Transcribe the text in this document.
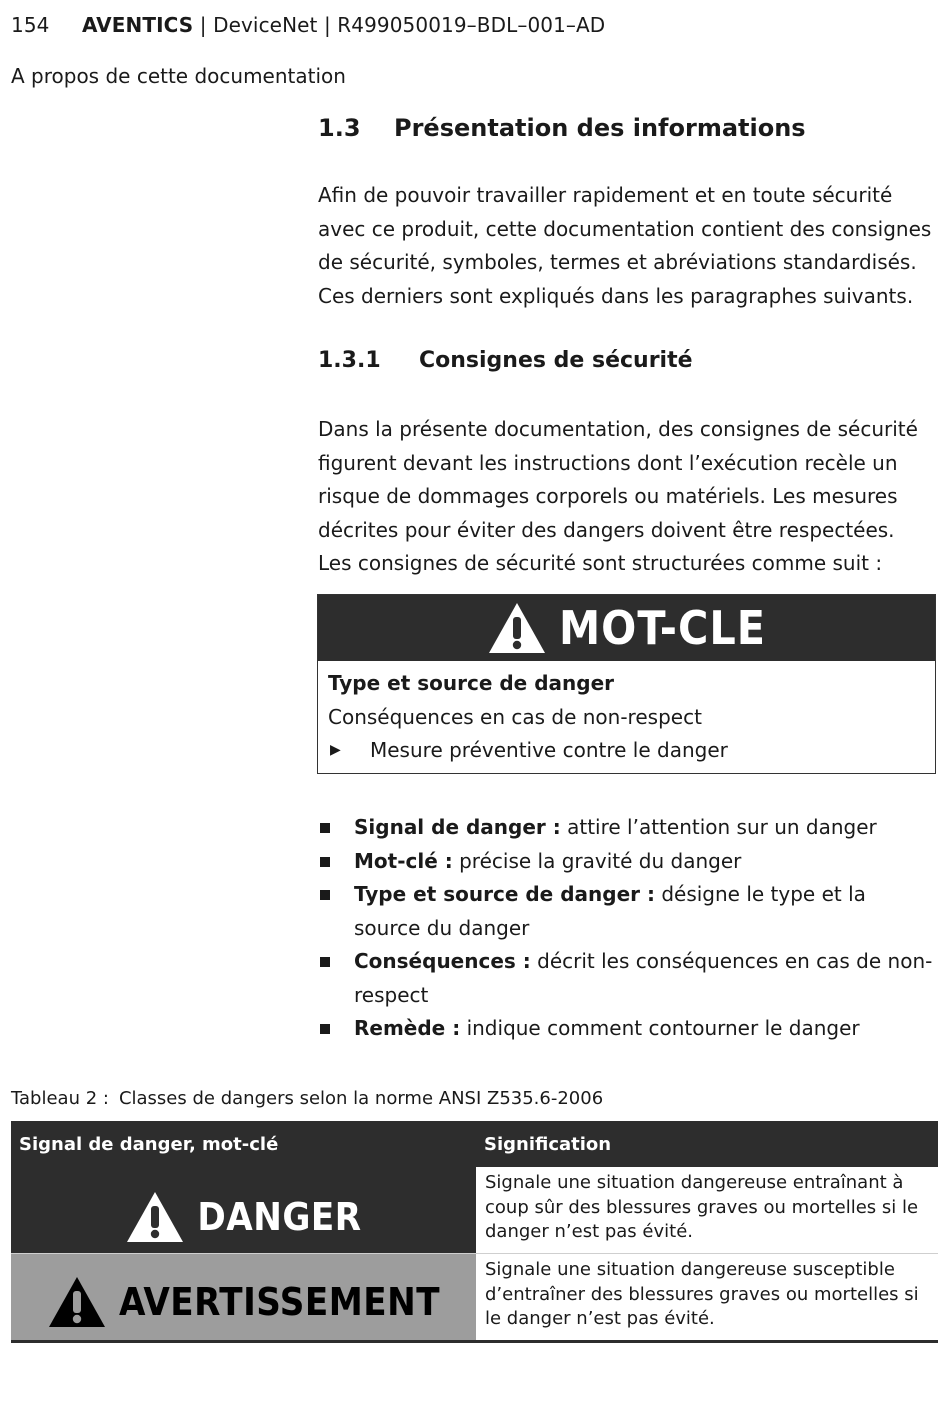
154 AVENTICS | DeviceNet | R499050019–BDL–001–AD
A propos de cette documentation
1.3 Présentation des informations

Afin de pouvoir travailler rapidement et en toute sécurité avec ce produit, cette documentation contient des consignes de sécurité, symboles, termes et abréviations standardisés. Ces derniers sont expliqués dans les paragraphes suivants.

1.3.1 Consignes de sécurité

Dans la présente documentation, des consignes de sécurité figurent devant les instructions dont l’exécution recèle un risque de dommages corporels ou matériels. Les mesures décrites pour éviter des dangers doivent être respectées.

Les consignes de sécurité sont structurées comme suit :

MOT-CLE
Type et source de danger
Conséquences en cas de non-respect
▶	Mesure préventive contre le danger
Signal de danger : attire l’attention sur un danger
Mot-clé : précise la gravité du danger
Type et source de danger : désigne le type et la source du danger
Conséquences : décrit les conséquences en cas de non-respect
Remède : indique comment contourner le danger
Tableau 2 : Classes de dangers selon la norme ANSI Z535.6-2006
Signal de danger, mot-clé	Signification
DANGER
Signale une situation dangereuse entraînant à coup sûr des blessures graves ou mortelles si le danger n’est pas évité.
AVERTISSEMENT
Signale une situation dangereuse susceptible d’entraîner des blessures graves ou mortelles si le danger n’est pas évité.
